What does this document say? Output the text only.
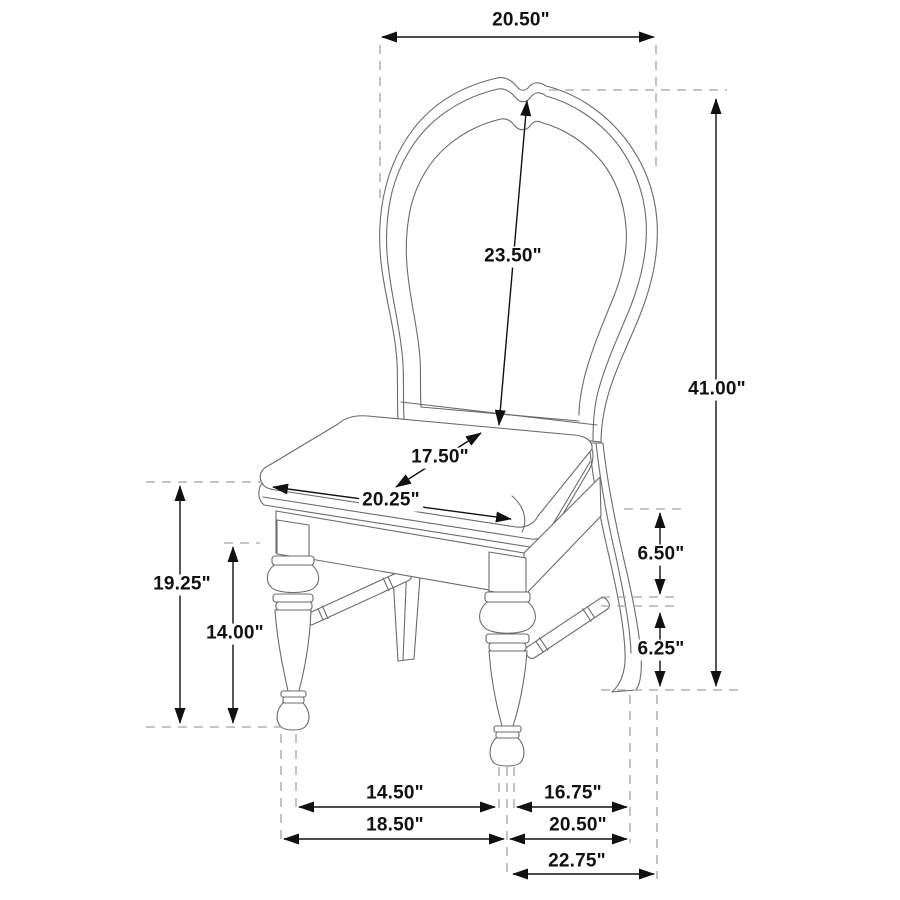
20.50"
23.50"
41.00"
17.50"
20.25"
19.25"
14.00"
6.50"
6.25"
14.50"	16.75"
18.50"	20.50"
22.75"
